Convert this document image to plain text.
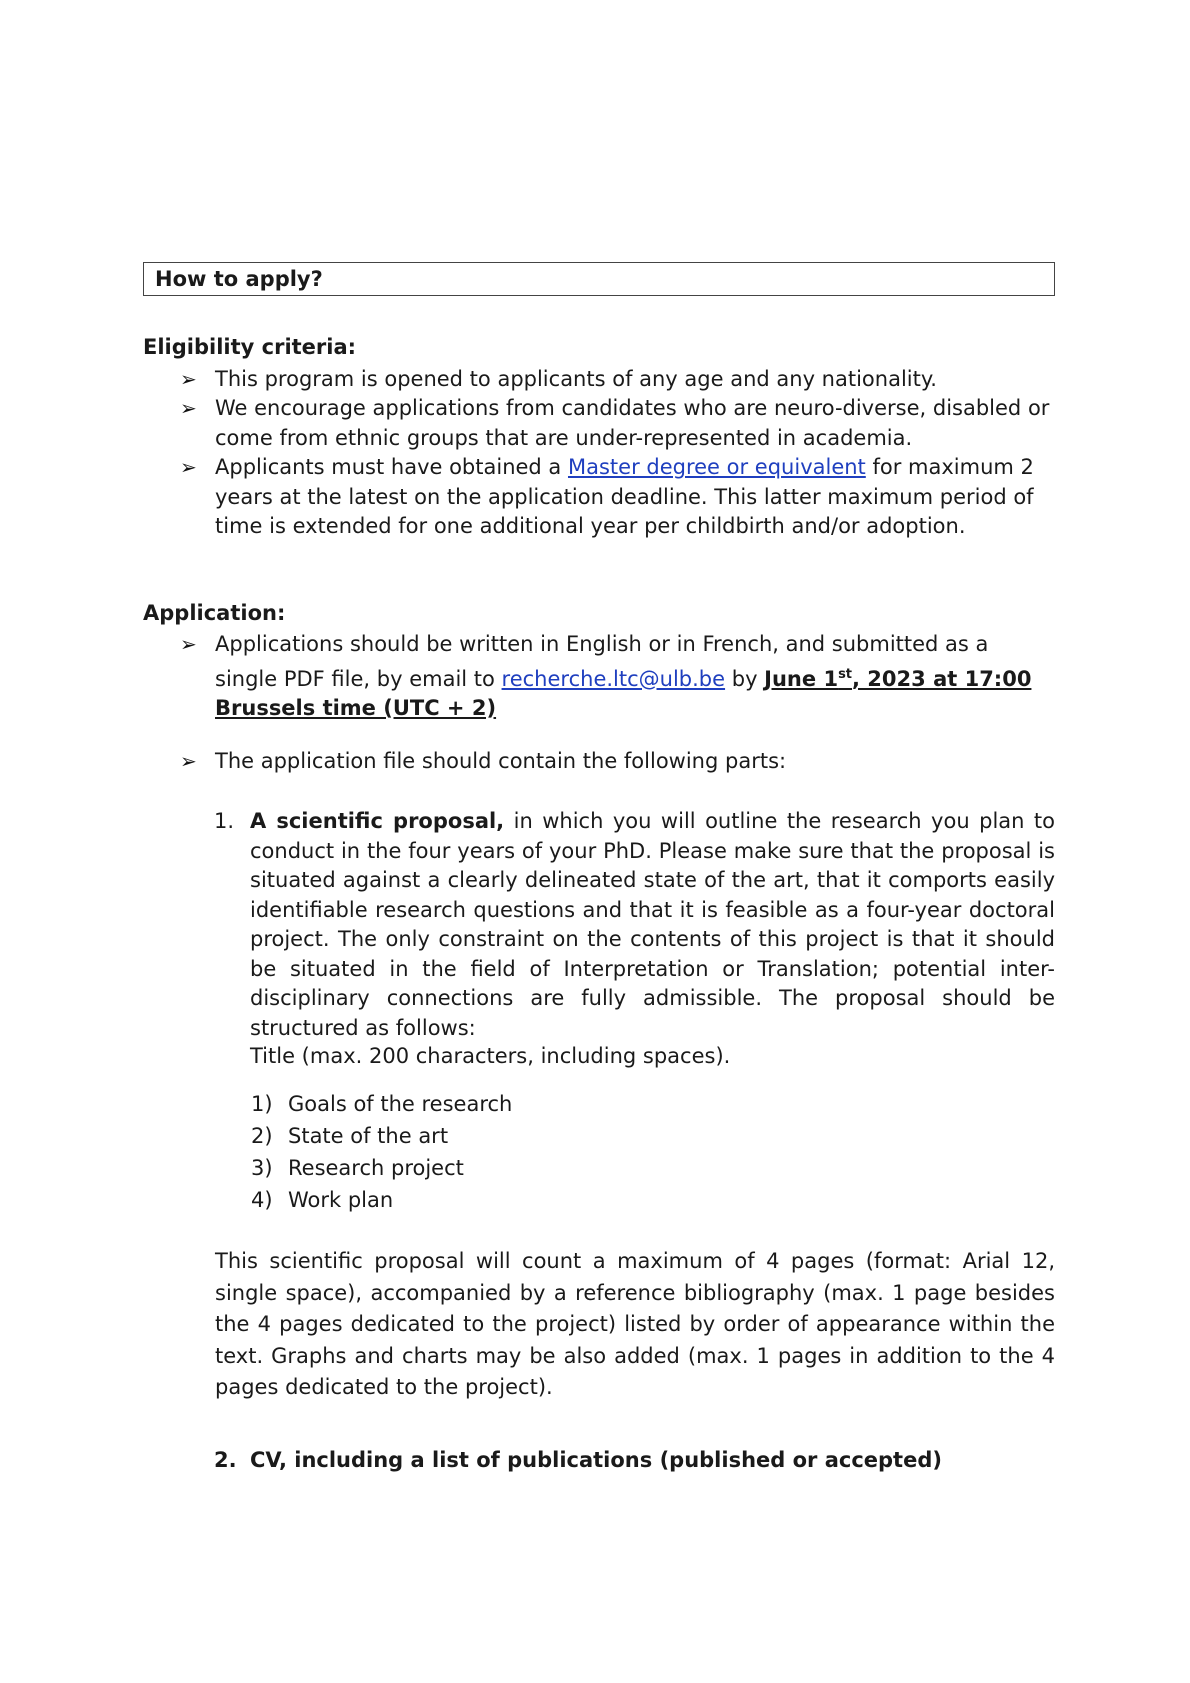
How to apply?
Eligibility criteria:
➢ This program is opened to applicants of any age and any nationality.
➢ We encourage applications from candidates who are neuro-diverse, disabled or come from ethnic groups that are under-represented in academia.
➢ Applicants must have obtained a Master degree or equivalent for maximum 2 years at the latest on the application deadline. This latter maximum period of time is extended for one additional year per childbirth and/or adoption.
Application:
➢ Applications should be written in English or in French, and submitted as a single PDF file, by email to recherche.ltc@ulb.be by June 1st, 2023 at 17:00 Brussels time (UTC + 2)
➢ The application file should contain the following parts:
1. A scientific proposal, in which you will outline the research you plan to conduct in the four years of your PhD. Please make sure that the proposal is situated against a clearly delineated state of the art, that it comports easily identifiable research questions and that it is feasible as a four-year doctoral project. The only constraint on the contents of this project is that it should be situated in the field of Interpretation or Translation; potential inter-disciplinary connections are fully admissible. The proposal should be structured as follows:
Title (max. 200 characters, including spaces).
1) Goals of the research
2) State of the art
3) Research project
4) Work plan
This scientific proposal will count a maximum of 4 pages (format: Arial 12, single space), accompanied by a reference bibliography (max. 1 page besides the 4 pages dedicated to the project) listed by order of appearance within the text. Graphs and charts may be also added (max. 1 pages in addition to the 4 pages dedicated to the project).
2. CV, including a list of publications (published or accepted)
